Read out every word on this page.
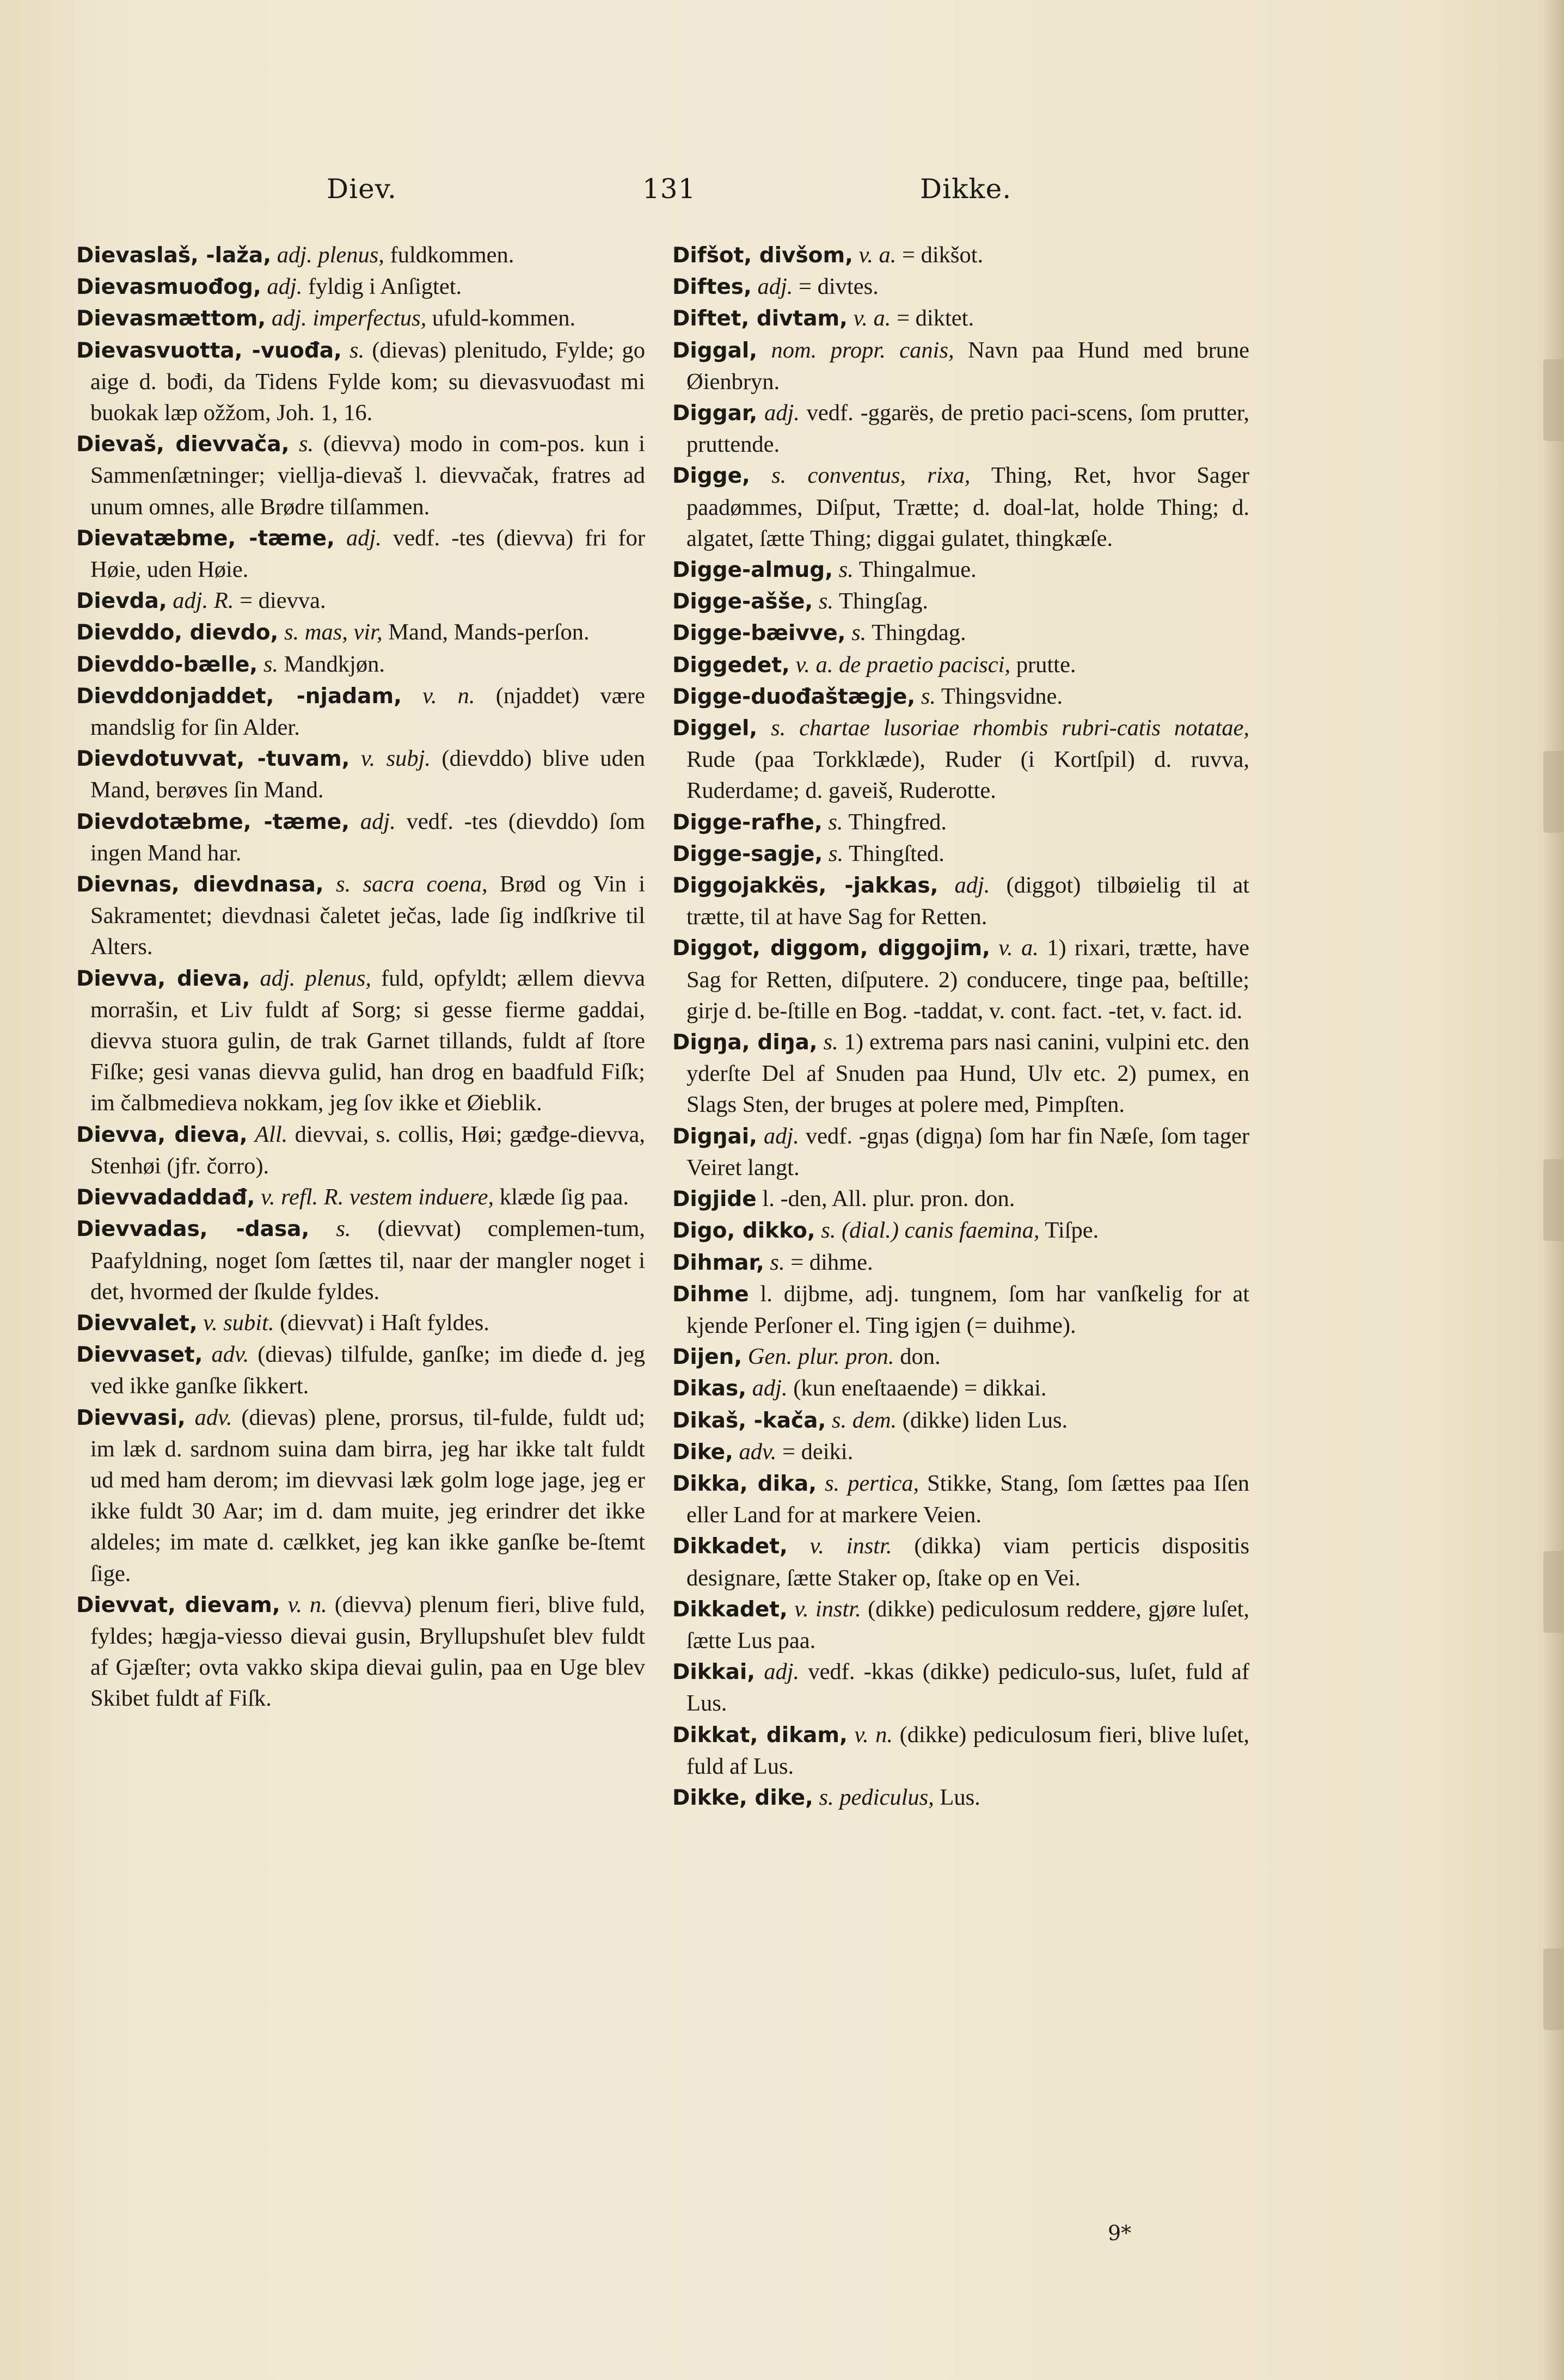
Diev.	131	Dikke.

Dievaslaš, -laža, adj. plenus, fuldkommen.

Dievasmuođog, adj. fyldig i Anſigtet.

Dievasmættom, adj. imperfectus, ufuld-kommen.

Dievasvuotta, -vuođa, s. (dievas) plenitudo, Fylde; go aige d. bođi, da Tidens Fylde kom; su dievasvuođast mi buokak læp ožžom, Joh. 1, 16.

Dievaš, dievvača, s. (dievva) modo in com-pos. kun i Sammenſætninger; viellja-dievaš l. dievvačak, fratres ad unum omnes, alle Brødre tilſammen.

Dievatæbme, -tæme, adj. vedf. -tes (dievva) fri for Høie, uden Høie.

Dievda, adj. R. = dievva.

Dievddo, dievdo, s. mas, vir, Mand, Mands-perſon.

Dievddo-bælle, s. Mandkjøn.

Dievddonjaddet, -njadam, v. n. (njaddet) være mandslig for ſin Alder.

Dievdotuvvat, -tuvam, v. subj. (dievddo) blive uden Mand, berøves ſin Mand.

Dievdotæbme, -tæme, adj. vedf. -tes (dievddo) ſom ingen Mand har.

Dievnas, dievdnasa, s. sacra coena, Brød og Vin i Sakramentet; dievdnasi čaletet ječas, lade ſig indſkrive til Alters.

Dievva, dieva, adj. plenus, fuld, opfyldt; ællem dievva morrašin, et Liv fuldt af Sorg; si gesse fierme gaddai, dievva stuora gulin, de trak Garnet tillands, fuldt af ſtore Fiſke; gesi vanas dievva gulid, han drog en baadfuld Fiſk; im čalbmedieva nokkam, jeg ſov ikke et Øieblik.

Dievva, dieva, All. dievvai, s. collis, Høi; gæđge-dievva, Stenhøi (jfr. čorro).

Dievvadaddađ, v. refl. R. vestem induere, klæde ſig paa.

Dievvadas, -dasa, s. (dievvat) complemen-tum, Paafyldning, noget ſom ſættes til, naar der mangler noget i det, hvormed der ſkulde fyldes.

Dievvalet, v. subit. (dievvat) i Haſt fyldes.

Dievvaset, adv. (dievas) tilfulde, ganſke; im dieđe d. jeg ved ikke ganſke ſikkert.

Dievvasi, adv. (dievas) plene, prorsus, til-fulde, fuldt ud; im læk d. sardnom suina dam birra, jeg har ikke talt fuldt ud med ham derom; im dievvasi læk golm loge jage, jeg er ikke fuldt 30 Aar; im d. dam muite, jeg erindrer det ikke aldeles; im mate d. cælkket, jeg kan ikke ganſke be-ſtemt ſige.

Dievvat, dievam, v. n. (dievva) plenum fieri, blive fuld, fyldes; hægja-viesso dievai gusin, Bryllupshuſet blev fuldt af Gjæſter; ovta vakko skipa dievai gulin, paa en Uge blev Skibet fuldt af Fiſk.

Difšot, divšom, v. a. = dikšot.

Diftes, adj. = divtes.

Diftet, divtam, v. a. = diktet.

Diggal, nom. propr. canis, Navn paa Hund med brune Øienbryn.

Diggar, adj. vedf. -ggarës, de pretio paci-scens, ſom prutter, pruttende.

Digge, s. conventus, rixa, Thing, Ret, hvor Sager paadømmes, Diſput, Trætte; d. doal-lat, holde Thing; d. algatet, ſætte Thing; diggai gulatet, thingkæſe.

Digge-almug, s. Thingalmue.

Digge-ašše, s. Thingſag.

Digge-bæivve, s. Thingdag.

Diggedet, v. a. de praetio pacisci, prutte.

Digge-duođaštægje, s. Thingsvidne.

Diggel, s. chartae lusoriae rhombis rubri-catis notatae, Rude (paa Torkklæde), Ruder (i Kortſpil) d. ruvva, Ruderdame; d. gaveiš, Ruderotte.

Digge-rafhe, s. Thingfred.

Digge-sagje, s. Thingſted.

Diggojakkës, -jakkas, adj. (diggot) tilbøielig til at trætte, til at have Sag for Retten.

Diggot, diggom, diggojim, v. a. 1) rixari, trætte, have Sag for Retten, diſputere. 2) conducere, tinge paa, beſtille; girje d. be-ſtille en Bog. -taddat, v. cont. fact. -tet, v. fact. id.

Digŋa, diŋa, s. 1) extrema pars nasi canini, vulpini etc. den yderſte Del af Snuden paa Hund, Ulv etc. 2) pumex, en Slags Sten, der bruges at polere med, Pimpſten.

Digŋai, adj. vedf. -gŋas (digŋa) ſom har fin Næſe, ſom tager Veiret langt.

Digjide l. -den, All. plur. pron. don.

Digo, dikko, s. (dial.) canis faemina, Tiſpe.

Dihmar, s. = dihme.

Dihme l. dijbme, adj. tungnem, ſom har vanſkelig for at kjende Perſoner el. Ting igjen (= duihme).

Dijen, Gen. plur. pron. don.

Dikas, adj. (kun eneſtaaende) = dikkai.

Dikaš, -kača, s. dem. (dikke) liden Lus.

Dike, adv. = deiki.

Dikka, dika, s. pertica, Stikke, Stang, ſom ſættes paa Iſen eller Land for at markere Veien.

Dikkadet, v. instr. (dikka) viam perticis dispositis designare, ſætte Staker op, ſtake op en Vei.

Dikkadet, v. instr. (dikke) pediculosum reddere, gjøre luſet, ſætte Lus paa.

Dikkai, adj. vedf. -kkas (dikke) pediculo-sus, luſet, fuld af Lus.

Dikkat, dikam, v. n. (dikke) pediculosum fieri, blive luſet, fuld af Lus.

Dikke, dike, s. pediculus, Lus.

9*
